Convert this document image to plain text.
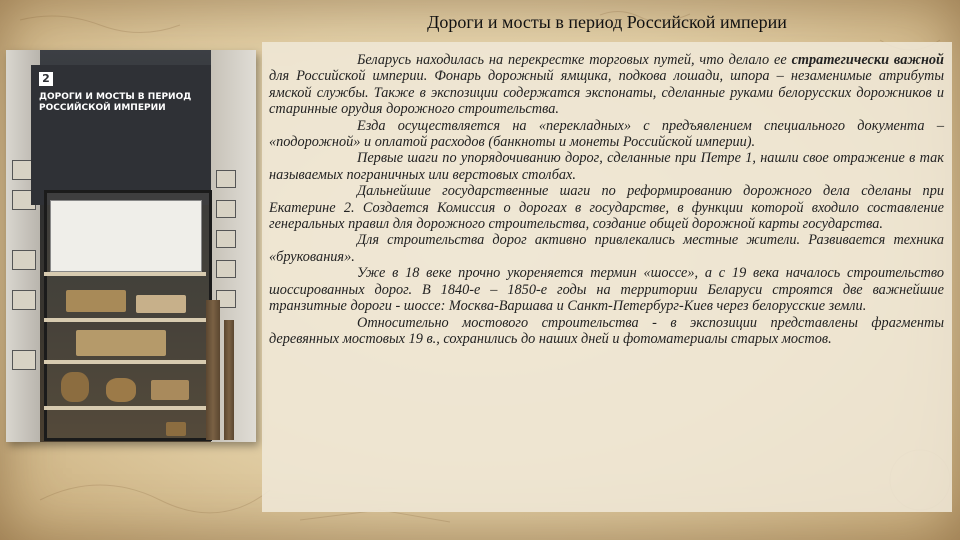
Дороги и мосты в период Российской империи
2
ДОРОГИ И МОСТЫ В ПЕРИОД РОССИЙСКОЙ ИМПЕРИИ

Беларусь находилась на перекрестке торговых путей, что делало ее стратегически важной для Российской империи. Фонарь дорожный ямщика, подкова лошади, шпора – незаменимые атрибуты ямской службы. Также в экспозиции содержатся экспонаты, сделанные руками белорусских дорожников и старинные орудия дорожного строительства.

Езда осуществляется на «перекладных» с предъявлением специального документа – «подорожной» и оплатой расходов (банкноты и монеты Российской империи).

Первые шаги по упорядочиванию дорог, сделанные при Петре 1, нашли свое отражение в так называемых пограничных или верстовых столбах.

Дальнейшие государственные шаги по реформированию дорожного дела сделаны при Екатерине 2. Создается Комиссия о дорогах в государстве, в функции которой входило составление генеральных правил для дорожного строительства, создание общей дорожной карты государства.

Для строительства дорог активно привлекались местные жители. Развивается техника «брукования».

Уже в 18 веке прочно укореняется термин «шоссе», а с 19 века началось строительство шоссированных дорог. В 1840-е – 1850-е годы на территории Беларуси строятся две важнейшие транзитные дороги - шоссе: Москва-Варшава и Санкт-Петербург-Киев через белорусские земли.

Относительно мостового строительства - в экспозиции представлены фрагменты деревянных мостовых 19 в., сохранились до наших дней и фотоматериалы старых мостов.
